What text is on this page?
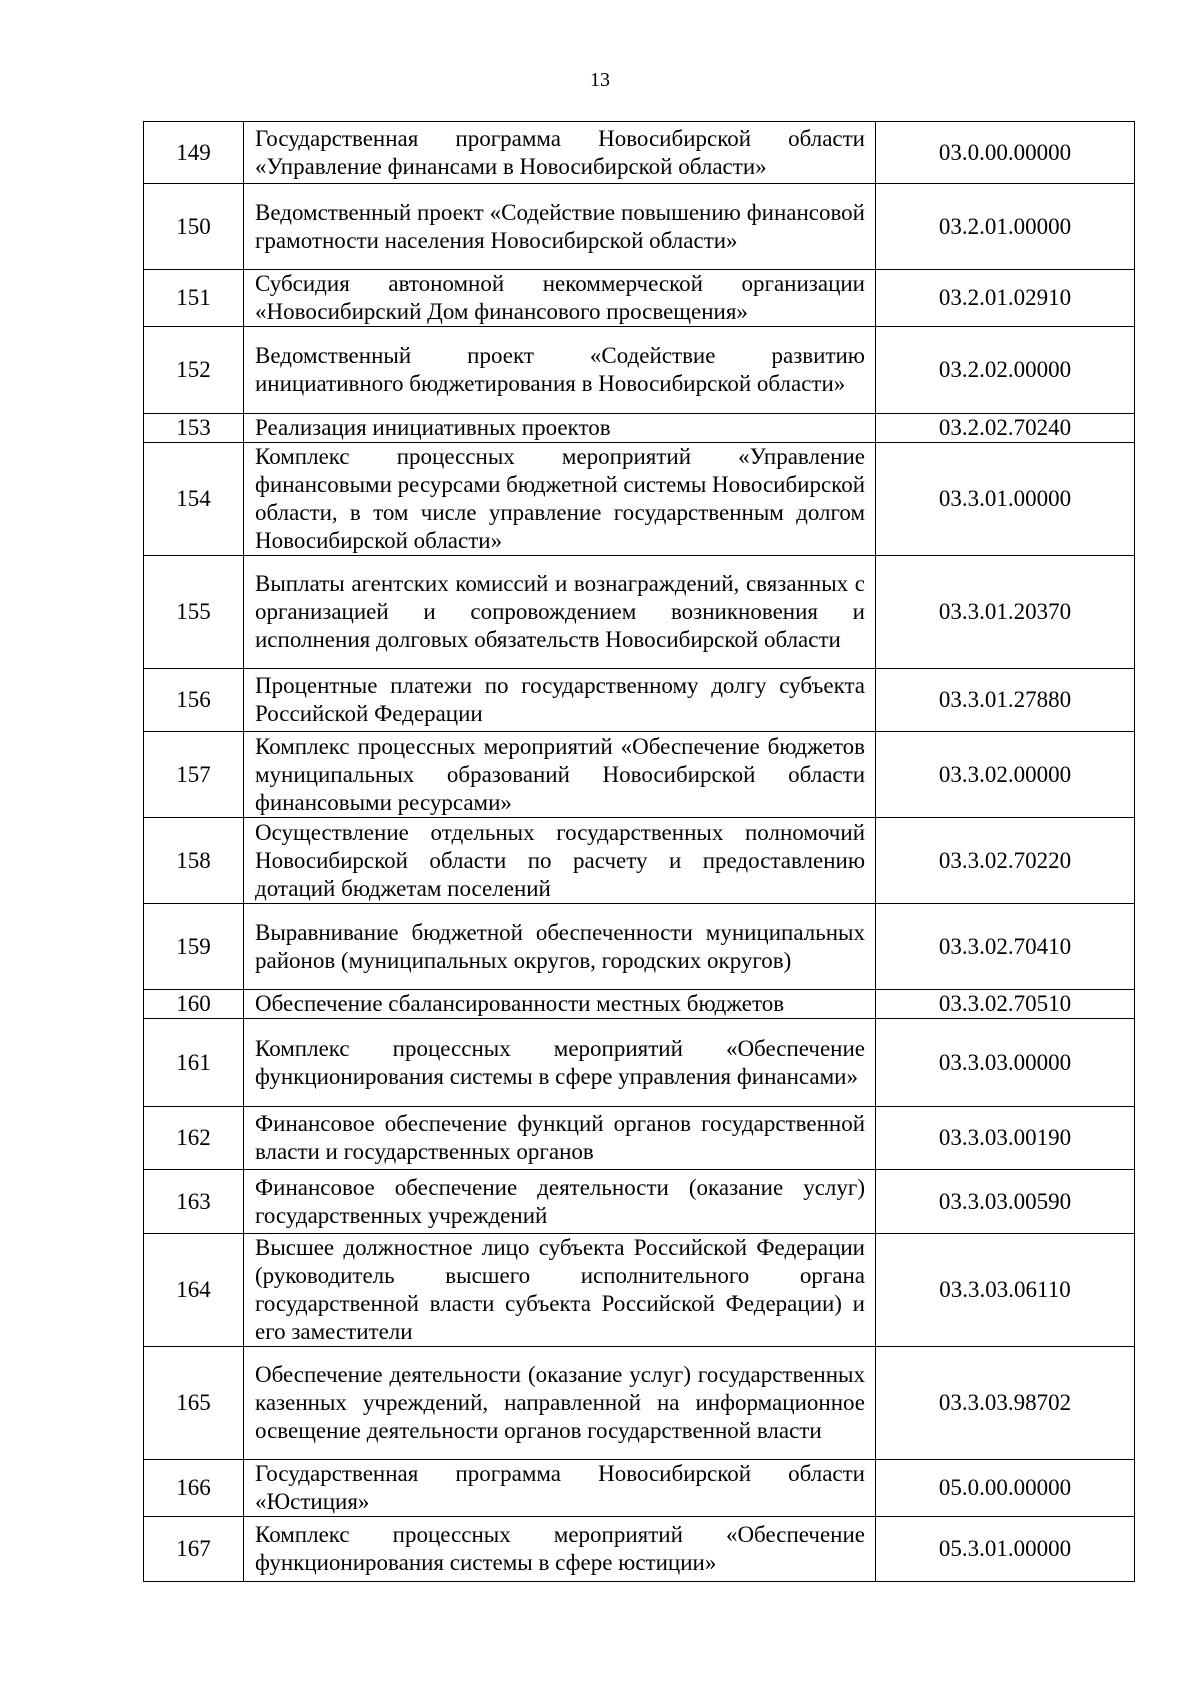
13
149	Государственная программа Новосибирской области «Управление финансами в Новосибирской области»	03.0.00.00000
150	Ведомственный проект «Содействие повышению финансовой грамотности населения Новосибирской области»	03.2.01.00000
151	Субсидия автономной некоммерческой организации «Новосибирский Дом финансового просвещения»	03.2.01.02910
152	Ведомственный проект «Содействие развитию инициативного бюджетирования в Новосибирской области»	03.2.02.00000
153	Реализация инициативных проектов	03.2.02.70240
154	Комплекс процессных мероприятий «Управление финансовыми ресурсами бюджетной системы Новосибирской области, в том числе управление государственным долгом Новосибирской области»	03.3.01.00000
155	Выплаты агентских комиссий и вознаграждений, связанных с организацией и сопровождением возникновения и исполнения долговых обязательств Новосибирской области	03.3.01.20370
156	Процентные платежи по государственному долгу субъекта Российской Федерации	03.3.01.27880
157	Комплекс процессных мероприятий «Обеспечение бюджетов муниципальных образований Новосибирской области финансовыми ресурсами»	03.3.02.00000
158	Осуществление отдельных государственных полномочий Новосибирской области по расчету и предоставлению дотаций бюджетам поселений	03.3.02.70220
159	Выравнивание бюджетной обеспеченности муниципальных районов (муниципальных округов, городских округов)	03.3.02.70410
160	Обеспечение сбалансированности местных бюджетов	03.3.02.70510
161	Комплекс процессных мероприятий «Обеспечение функционирования системы в сфере управления финансами»	03.3.03.00000
162	Финансовое обеспечение функций органов государственной власти и государственных органов	03.3.03.00190
163	Финансовое обеспечение деятельности (оказание услуг) государственных учреждений	03.3.03.00590
164	Высшее должностное лицо субъекта Российской Федерации (руководитель высшего исполнительного органа государственной власти субъекта Российской Федерации) и его заместители	03.3.03.06110
165	Обеспечение деятельности (оказание услуг) государственных казенных учреждений, направленной на информационное освещение деятельности органов государственной власти	03.3.03.98702
166	Государственная программа Новосибирской области «Юстиция»	05.0.00.00000
167	Комплекс процессных мероприятий «Обеспечение функционирования системы в сфере юстиции»	05.3.01.00000
